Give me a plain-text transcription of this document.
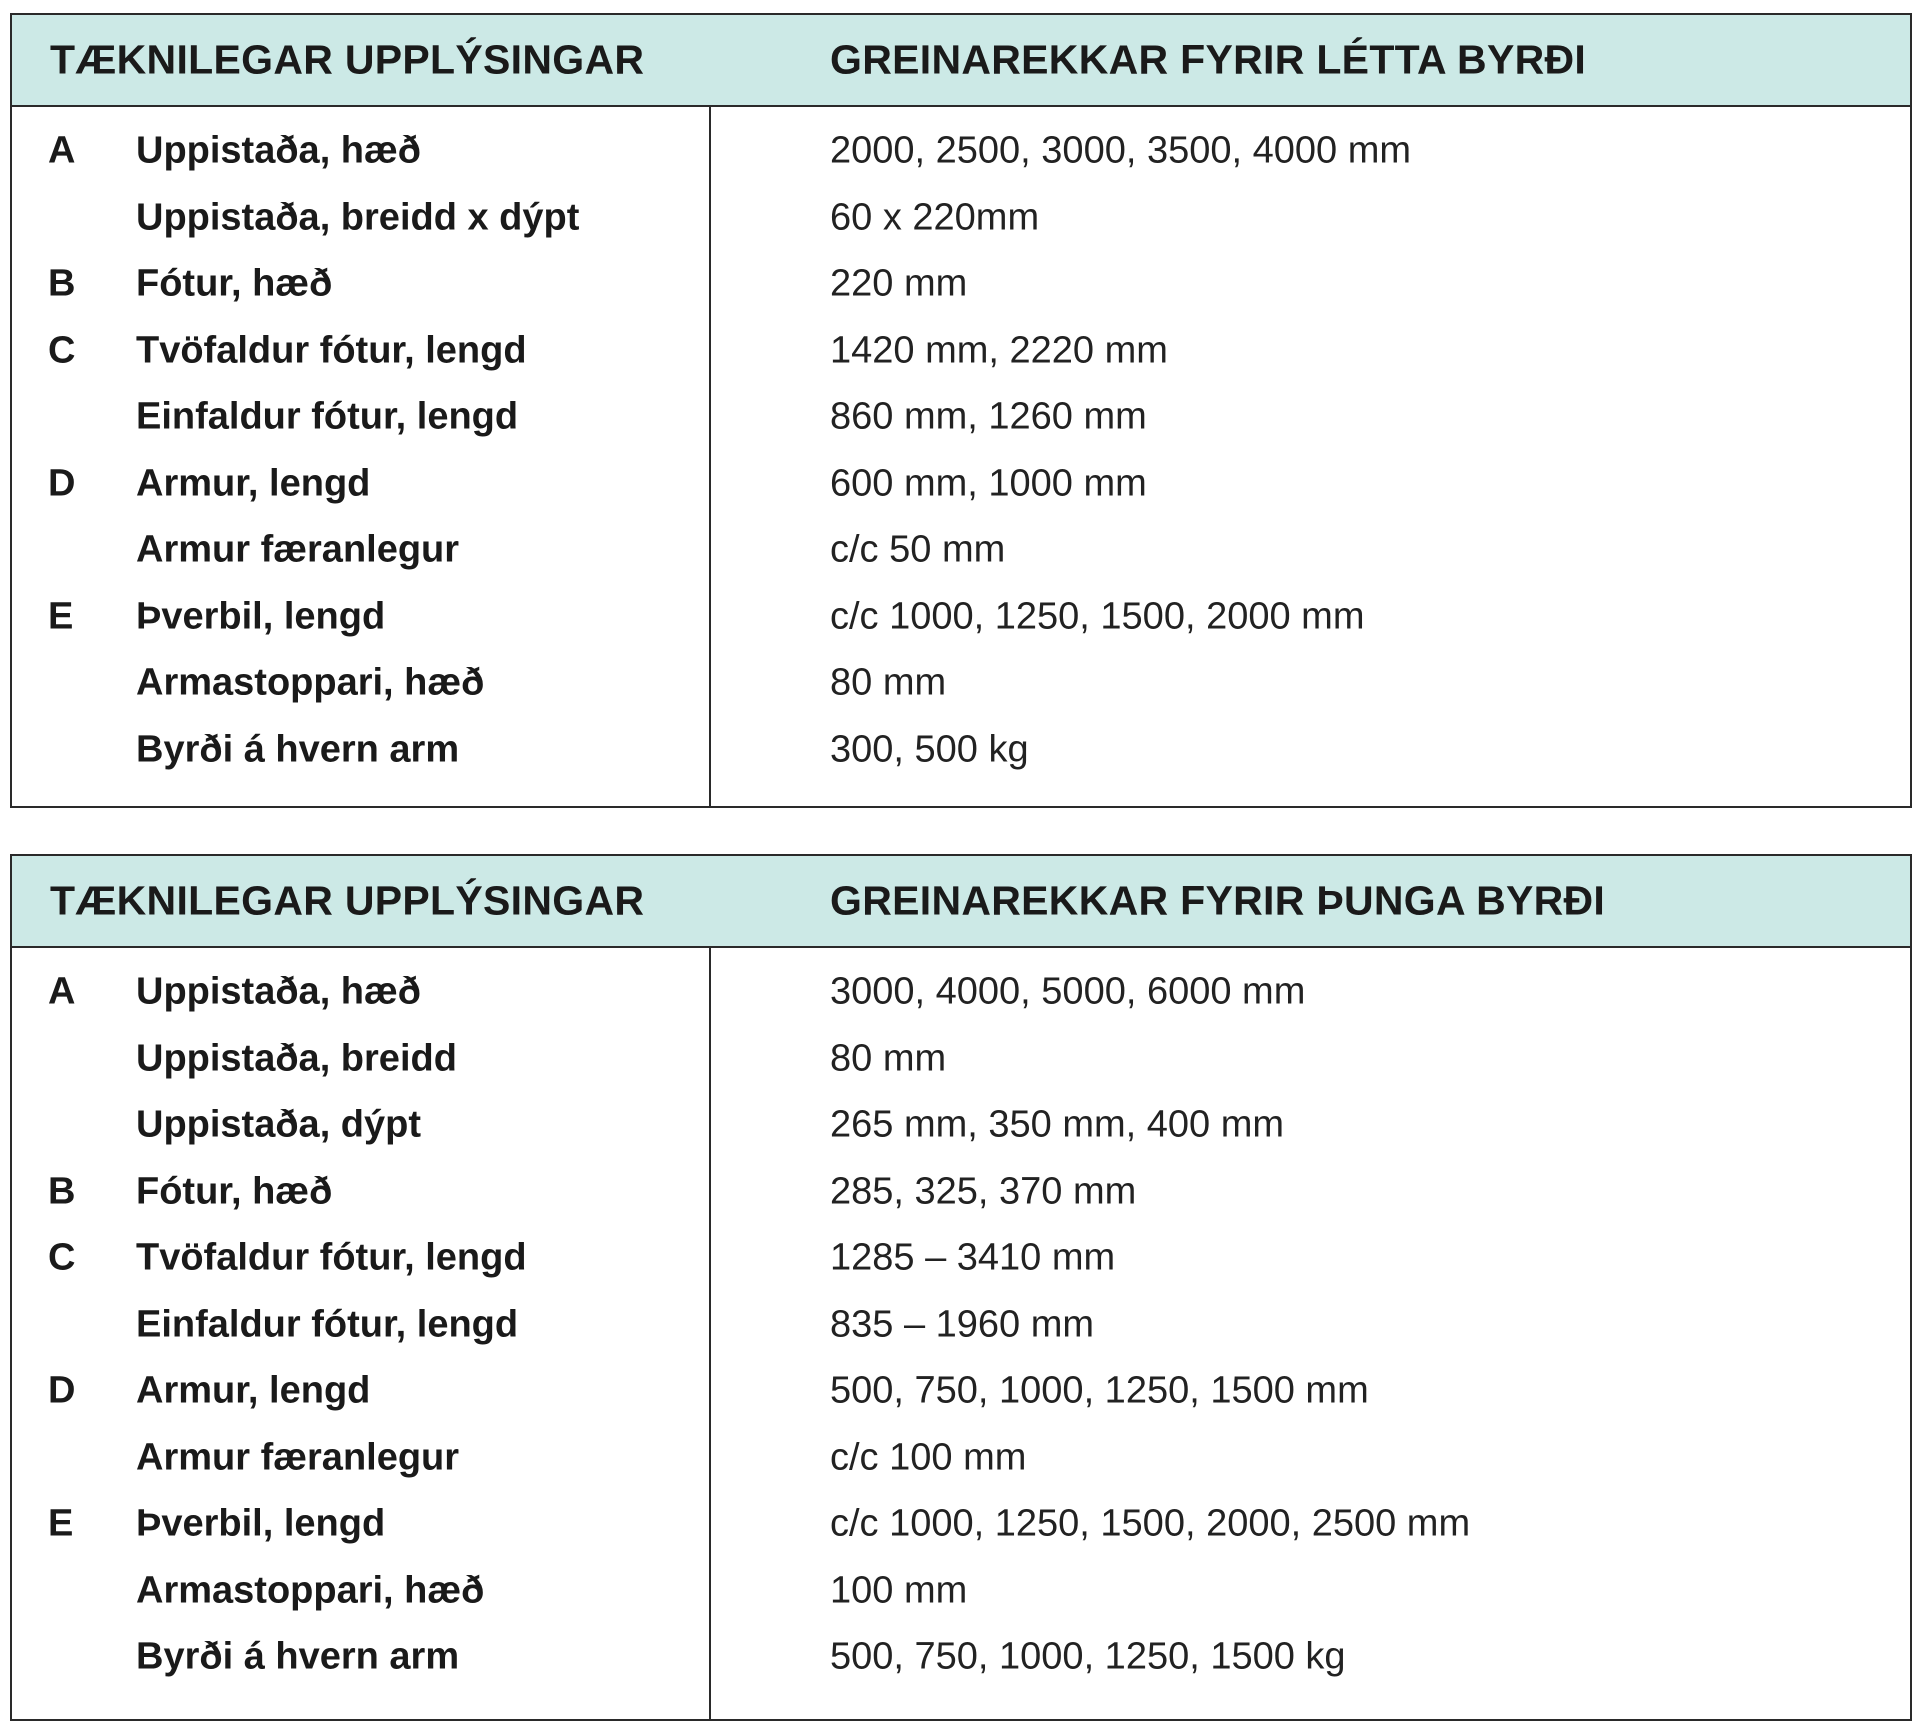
TÆKNILEGAR UPPLÝSINGAR	GREINAREKKAR FYRIR LÉTTA BYRÐI
A Uppistaða, hæð	2000, 2500, 3000, 3500, 4000 mm
Uppistaða, breidd x dýpt	60 x 220mm
B Fótur, hæð	220 mm
C Tvöfaldur fótur, lengd	1420 mm, 2220 mm
Einfaldur fótur, lengd	860 mm, 1260 mm
D Armur, lengd	600 mm, 1000 mm
Armur færanlegur	c/c 50 mm
E Þverbil, lengd	c/c 1000, 1250, 1500, 2000 mm
Armastoppari, hæð	80 mm
Byrði á hvern arm	300, 500 kg
TÆKNILEGAR UPPLÝSINGAR	GREINAREKKAR FYRIR ÞUNGA BYRÐI
A Uppistaða, hæð	3000, 4000, 5000, 6000 mm
Uppistaða, breidd	80 mm
Uppistaða, dýpt	265 mm, 350 mm, 400 mm
B Fótur, hæð	285, 325, 370 mm
C Tvöfaldur fótur, lengd	1285 – 3410 mm
Einfaldur fótur, lengd	835 – 1960 mm
D Armur, lengd	500, 750, 1000, 1250, 1500 mm
Armur færanlegur	c/c 100 mm
E Þverbil, lengd	c/c 1000, 1250, 1500, 2000, 2500 mm
Armastoppari, hæð	100 mm
Byrði á hvern arm	500, 750, 1000, 1250, 1500 kg
